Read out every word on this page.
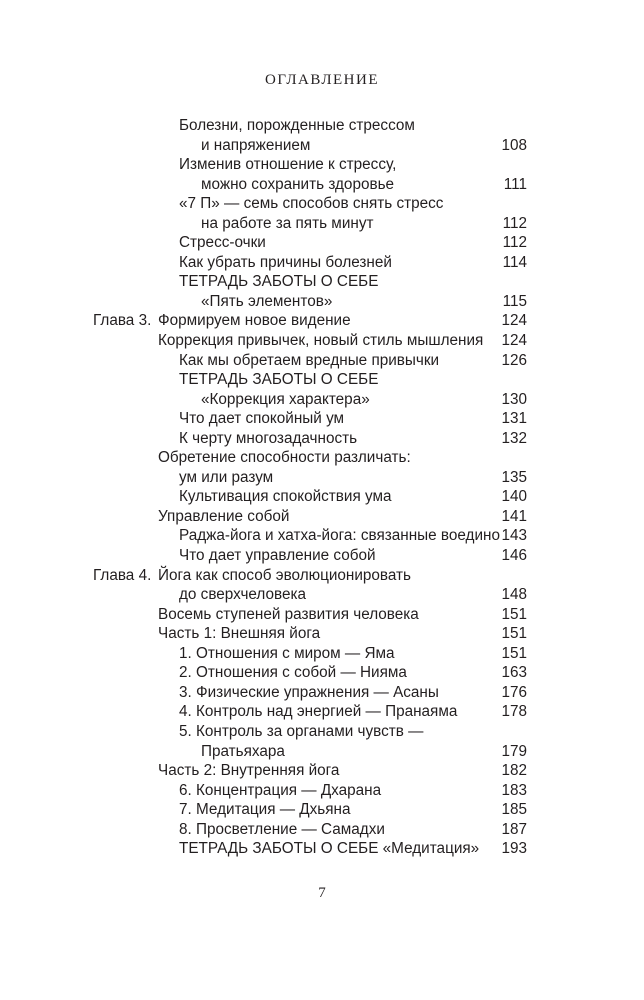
ОГЛАВЛЕНИЕ
Болезни, порожденные стрессом
и напряжением	108
Изменив отношение к стрессу,
можно сохранить здоровье	111
«7 П» — семь способов снять стресс
на работе за пять минут	112
Стресс-очки	112
Как убрать причины болезней	114
ТЕТРАДЬ ЗАБОТЫ О СЕБЕ
«Пять элементов»	115
Глава 3. Формируем новое видение	124
Коррекция привычек, новый стиль мышления 124
Как мы обретаем вредные привычки	126
ТЕТРАДЬ ЗАБОТЫ О СЕБЕ
«Коррекция характера»	130
Что дает спокойный ум	131
К черту многозадачность	132
Обретение способности различать:
ум или разум	135
Культивация спокойствия ума	140
Управление собой	141
Раджа-йога и хатха-йога: связанные воедино 143
Что дает управление собой	146
Глава 4. Йога как способ эволюционировать
до сверхчеловека	148
Восемь ступеней развития человека	151
Часть 1: Внешняя йога	151
1. Отношения с миром — Яма	151
2. Отношения с собой — Нияма	163
3. Физические упражнения — Асаны	176
4. Контроль над энергией — Пранаяма	178
5. Контроль за органами чувств —
Пратьяхара	179
Часть 2: Внутренняя йога	182
6. Концентрация — Дхарана	183
7. Медитация — Дхьяна	185
8. Просветление — Самадхи	187
ТЕТРАДЬ ЗАБОТЫ О СЕБЕ «Медитация» 193
7
